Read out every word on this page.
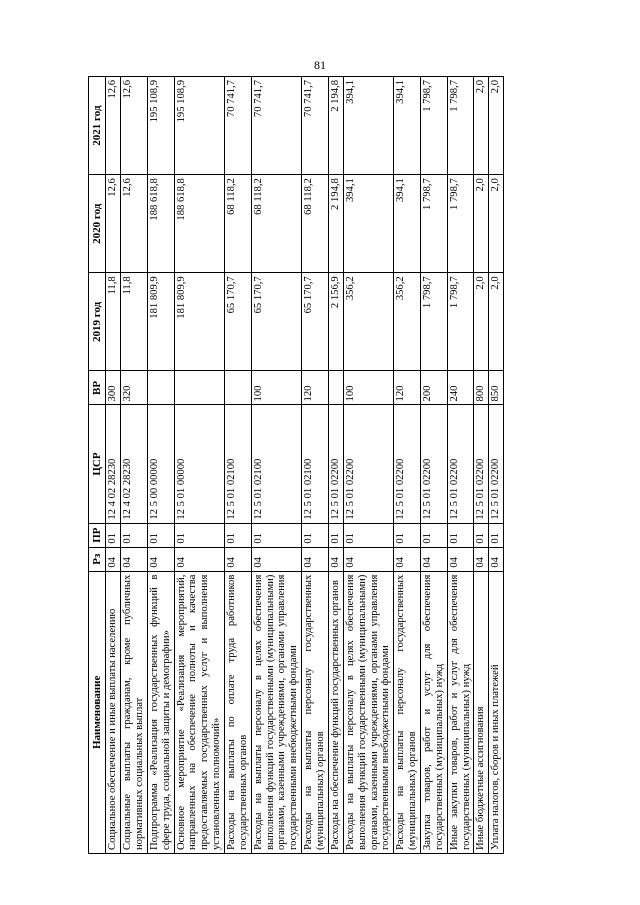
81
Наименование	Рз	ПР	ЦСР	ВР	2019 год	2020 год	2021 год
Социальное обеспечение и иные выплаты населению	04	01	12 4 02 28230	300	11,8	12,6	12,6
Социальные выплаты гражданам, кроме публичных нормативных социальных выплат	04	01	12 4 02 28230	320	11,8	12,6	12,6
Подпрограмма «Реализация государственных функций в сфере труда, социальной защиты и демографии»	04	01	12 5 00 00000		181 809,9	188 618,8	195 108,9
Основное мероприятие «Реализация мероприятий, направленных на обеспечение полноты и качества предоставляемых государственных услуг и выполнения установленных полномочий»	04	01	12 5 01 00000		181 809,9	188 618,8	195 108,9
Расходы на выплаты по оплате труда работников государственных органов	04	01	12 5 01 02100		65 170,7	68 118,2	70 741,7
Расходы на выплаты персоналу в целях обеспечения выполнения функций государственными (муниципальными) органами, казенными учреждениями, органами управления государственными внебюджетными фондами	04	01	12 5 01 02100	100	65 170,7	68 118,2	70 741,7
Расходы на выплаты персоналу государственных (муниципальных) органов	04	01	12 5 01 02100	120	65 170,7	68 118,2	70 741,7
Расходы на обеспечение функций государственных органов	04	01	12 5 01 02200		2 156,9	2 194,8	2 194,8
Расходы на выплаты персоналу в целях обеспечения выполнения функций государственными (муниципальными) органами, казенными учреждениями, органами управления государственными внебюджетными фондами	04	01	12 5 01 02200	100	356,2	394,1	394,1
Расходы на выплаты персоналу государственных (муниципальных) органов	04	01	12 5 01 02200	120	356,2	394,1	394,1
Закупка товаров, работ и услуг для обеспечения государственных (муниципальных) нужд	04	01	12 5 01 02200	200	1 798,7	1 798,7	1 798,7
Иные закупки товаров, работ и услуг для обеспечения государственных (муниципальных) нужд	04	01	12 5 01 02200	240	1 798,7	1 798,7	1 798,7
Иные бюджетные ассигнования	04	01	12 5 01 02200	800	2,0	2,0	2,0
Уплата налогов, сборов и иных платежей	04	01	12 5 01 02200	850	2,0	2,0	2,0
